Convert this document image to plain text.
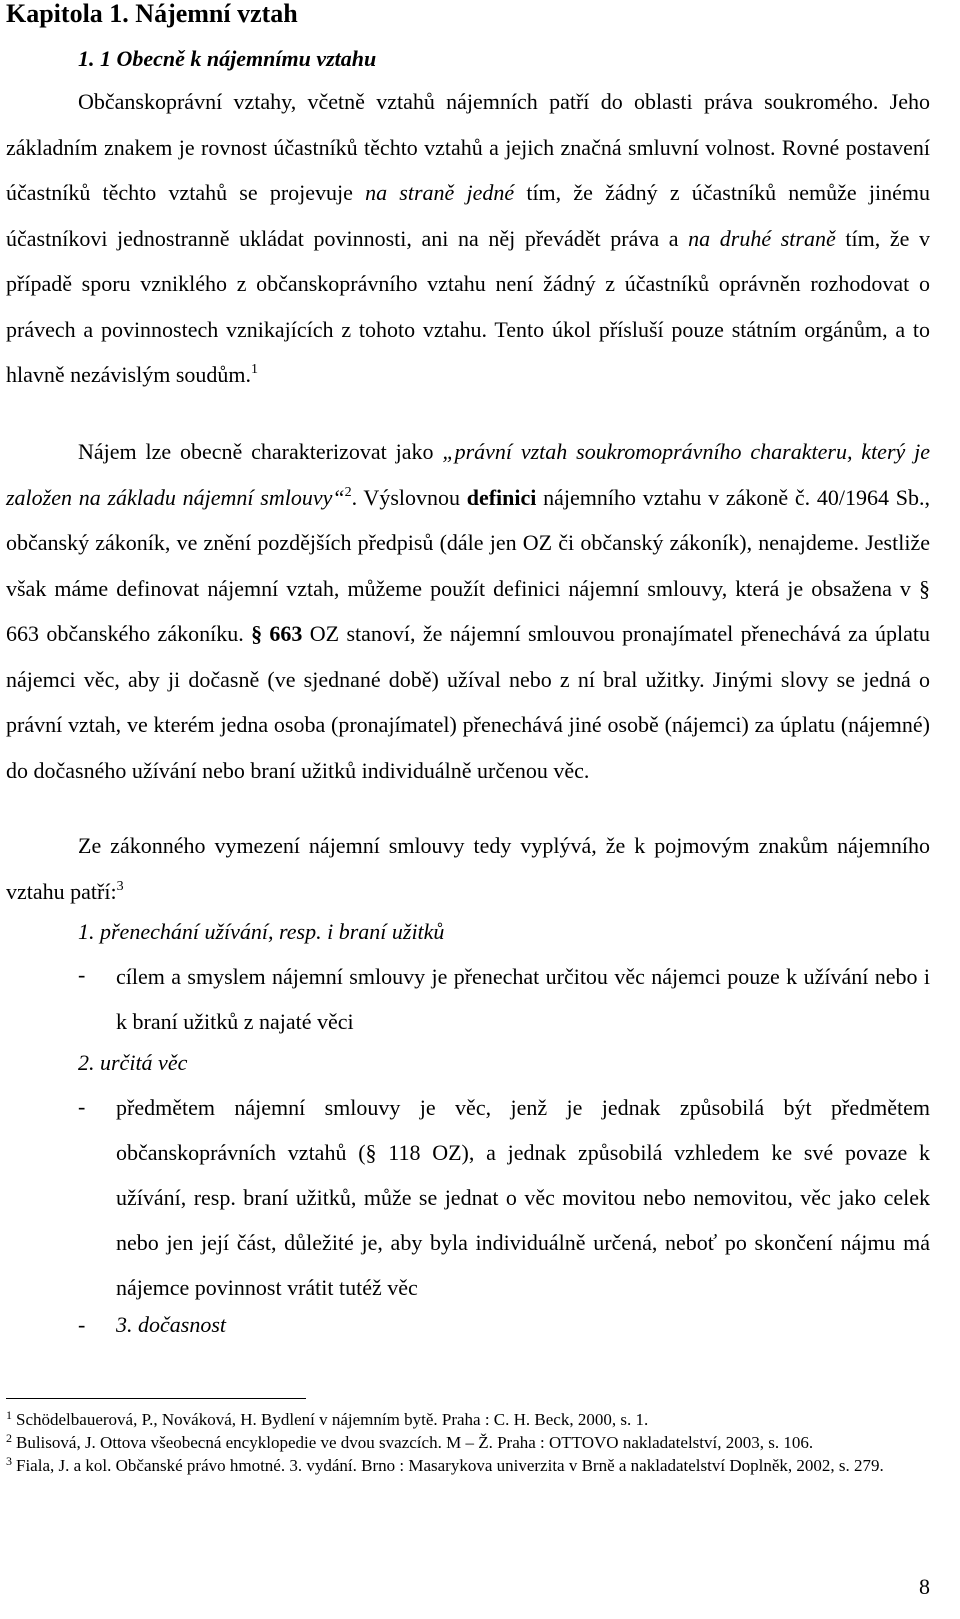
Kapitola 1. Nájemní vztah
1. 1 Obecně k nájemnímu vztahu
Občanskoprávní vztahy, včetně vztahů nájemních patří do oblasti práva soukromého. Jeho základním znakem je rovnost účastníků těchto vztahů a jejich značná smluvní volnost. Rovné postavení účastníků těchto vztahů se projevuje na straně jedné tím, že žádný z účastníků nemůže jinému účastníkovi jednostranně ukládat povinnosti, ani na něj převádět práva a na druhé straně tím, že v případě sporu vzniklého z občanskoprávního vztahu není žádný z účastníků oprávněn rozhodovat o právech a povinnostech vznikajících z tohoto vztahu. Tento úkol přísluší pouze státním orgánům, a to hlavně nezávislým soudům.$^1$
Nájem lze obecně charakterizovat jako „právní vztah soukromoprávního charakteru, který je založen na základu nájemní smlouvy“$^2$. Výslovnou definici nájemního vztahu v zákoně č. 40/1964 Sb., občanský zákoník, ve znění pozdějších předpisů (dále jen OZ či občanský zákoník), nenajdeme. Jestliže však máme definovat nájemní vztah, můžeme použít definici nájemní smlouvy, která je obsažena v § 663 občanského zákoníku. § 663 OZ stanoví, že nájemní smlouvou pronajímatel přenechává za úplatu nájemci věc, aby ji dočasně (ve sjednané době) užíval nebo z ní bral užitky. Jinými slovy se jedná o právní vztah, ve kterém jedna osoba (pronajímatel) přenechává jiné osobě (nájemci) za úplatu (nájemné) do dočasného užívání nebo braní užitků individuálně určenou věc.
Ze zákonného vymezení nájemní smlouvy tedy vyplývá, že k pojmovým znakům nájemního vztahu patří:$^3$
1. přenechání užívání, resp. i braní užitků
- cílem a smyslem nájemní smlouvy je přenechat určitou věc nájemci pouze k užívání nebo i k braní užitků z najaté věci
2. určitá věc
- předmětem nájemní smlouvy je věc, jenž je jednak způsobilá být předmětem občanskoprávních vztahů (§ 118 OZ), a jednak způsobilá vzhledem ke své povaze k užívání, resp. braní užitků, může se jednat o věc movitou nebo nemovitou, věc jako celek nebo jen její část, důležité je, aby byla individuálně určená, neboť po skončení nájmu má nájemce povinnost vrátit tutéž věc
- 3. dočasnost
$^1$ Schödelbauerová, P., Nováková, H. Bydlení v nájemním bytě. Praha : C. H. Beck, 2000, s. 1.
$^2$ Bulisová, J. Ottova všeobecná encyklopedie ve dvou svazcích. M – Ž. Praha : OTTOVO nakladatelství, 2003, s. 106.
$^3$ Fiala, J. a kol. Občanské právo hmotné. 3. vydání. Brno : Masarykova univerzita v Brně a nakladatelství Doplněk, 2002, s. 279.
8
